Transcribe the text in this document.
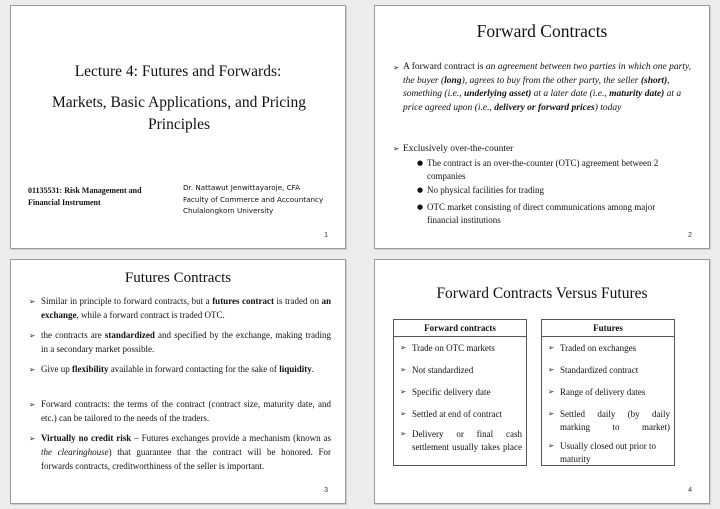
Lecture 4: Futures and Forwards:
Markets, Basic Applications, and Pricing Principles
01135531: Risk Management and
Financial Instrument
Dr. Nattawut Jenwittayaroje, CFA
Faculty of Commerce and Accountancy
Chulalongkorn University
1
Forward Contracts
➢ A forward contract is an agreement between two parties in which one party, the buyer (long), agrees to buy from the other party, the seller (short), something (i.e., underlying asset) at a later date (i.e., maturity date) at a price agreed upon (i.e., delivery or forward prices) today
➢ Exclusively over-the-counter
● The contract is an over-the-counter (OTC) agreement between 2 companies
● No physical facilities for trading
● OTC market consisting of direct communications among major financial institutions
2
Futures Contracts
➢ Similar in principle to forward contracts, but a futures contract is traded on an exchange, while a forward contract is traded OTC.
➢ the contracts are standardized and specified by the exchange, making trading in a secondary market possible.
➢ Give up flexibility available in forward contacting for the sake of liquidity.
➢ Forward contracts: the terms of the contract (contract size, maturity date, and etc.) can be tailored to the needs of the traders.
➢ Virtually no credit risk – Futures exchanges provide a mechanism (known as the clearinghouse) that guarantee that the contract will be honored. For forwards contracts, creditworthiness of the seller is important.
3
Forward Contracts Versus Futures
Forward contracts
➢ Trade on OTC markets
➢ Not standardized
➢ Specific delivery date
➢ Settled at end of contract
➢ Delivery or final cash settlement usually takes place
Futures
➢ Traded on exchanges
➢ Standardized contract
➢ Range of delivery dates
➢ Settled daily (by daily marking to market)
➢ Usually closed out prior to maturity
4
